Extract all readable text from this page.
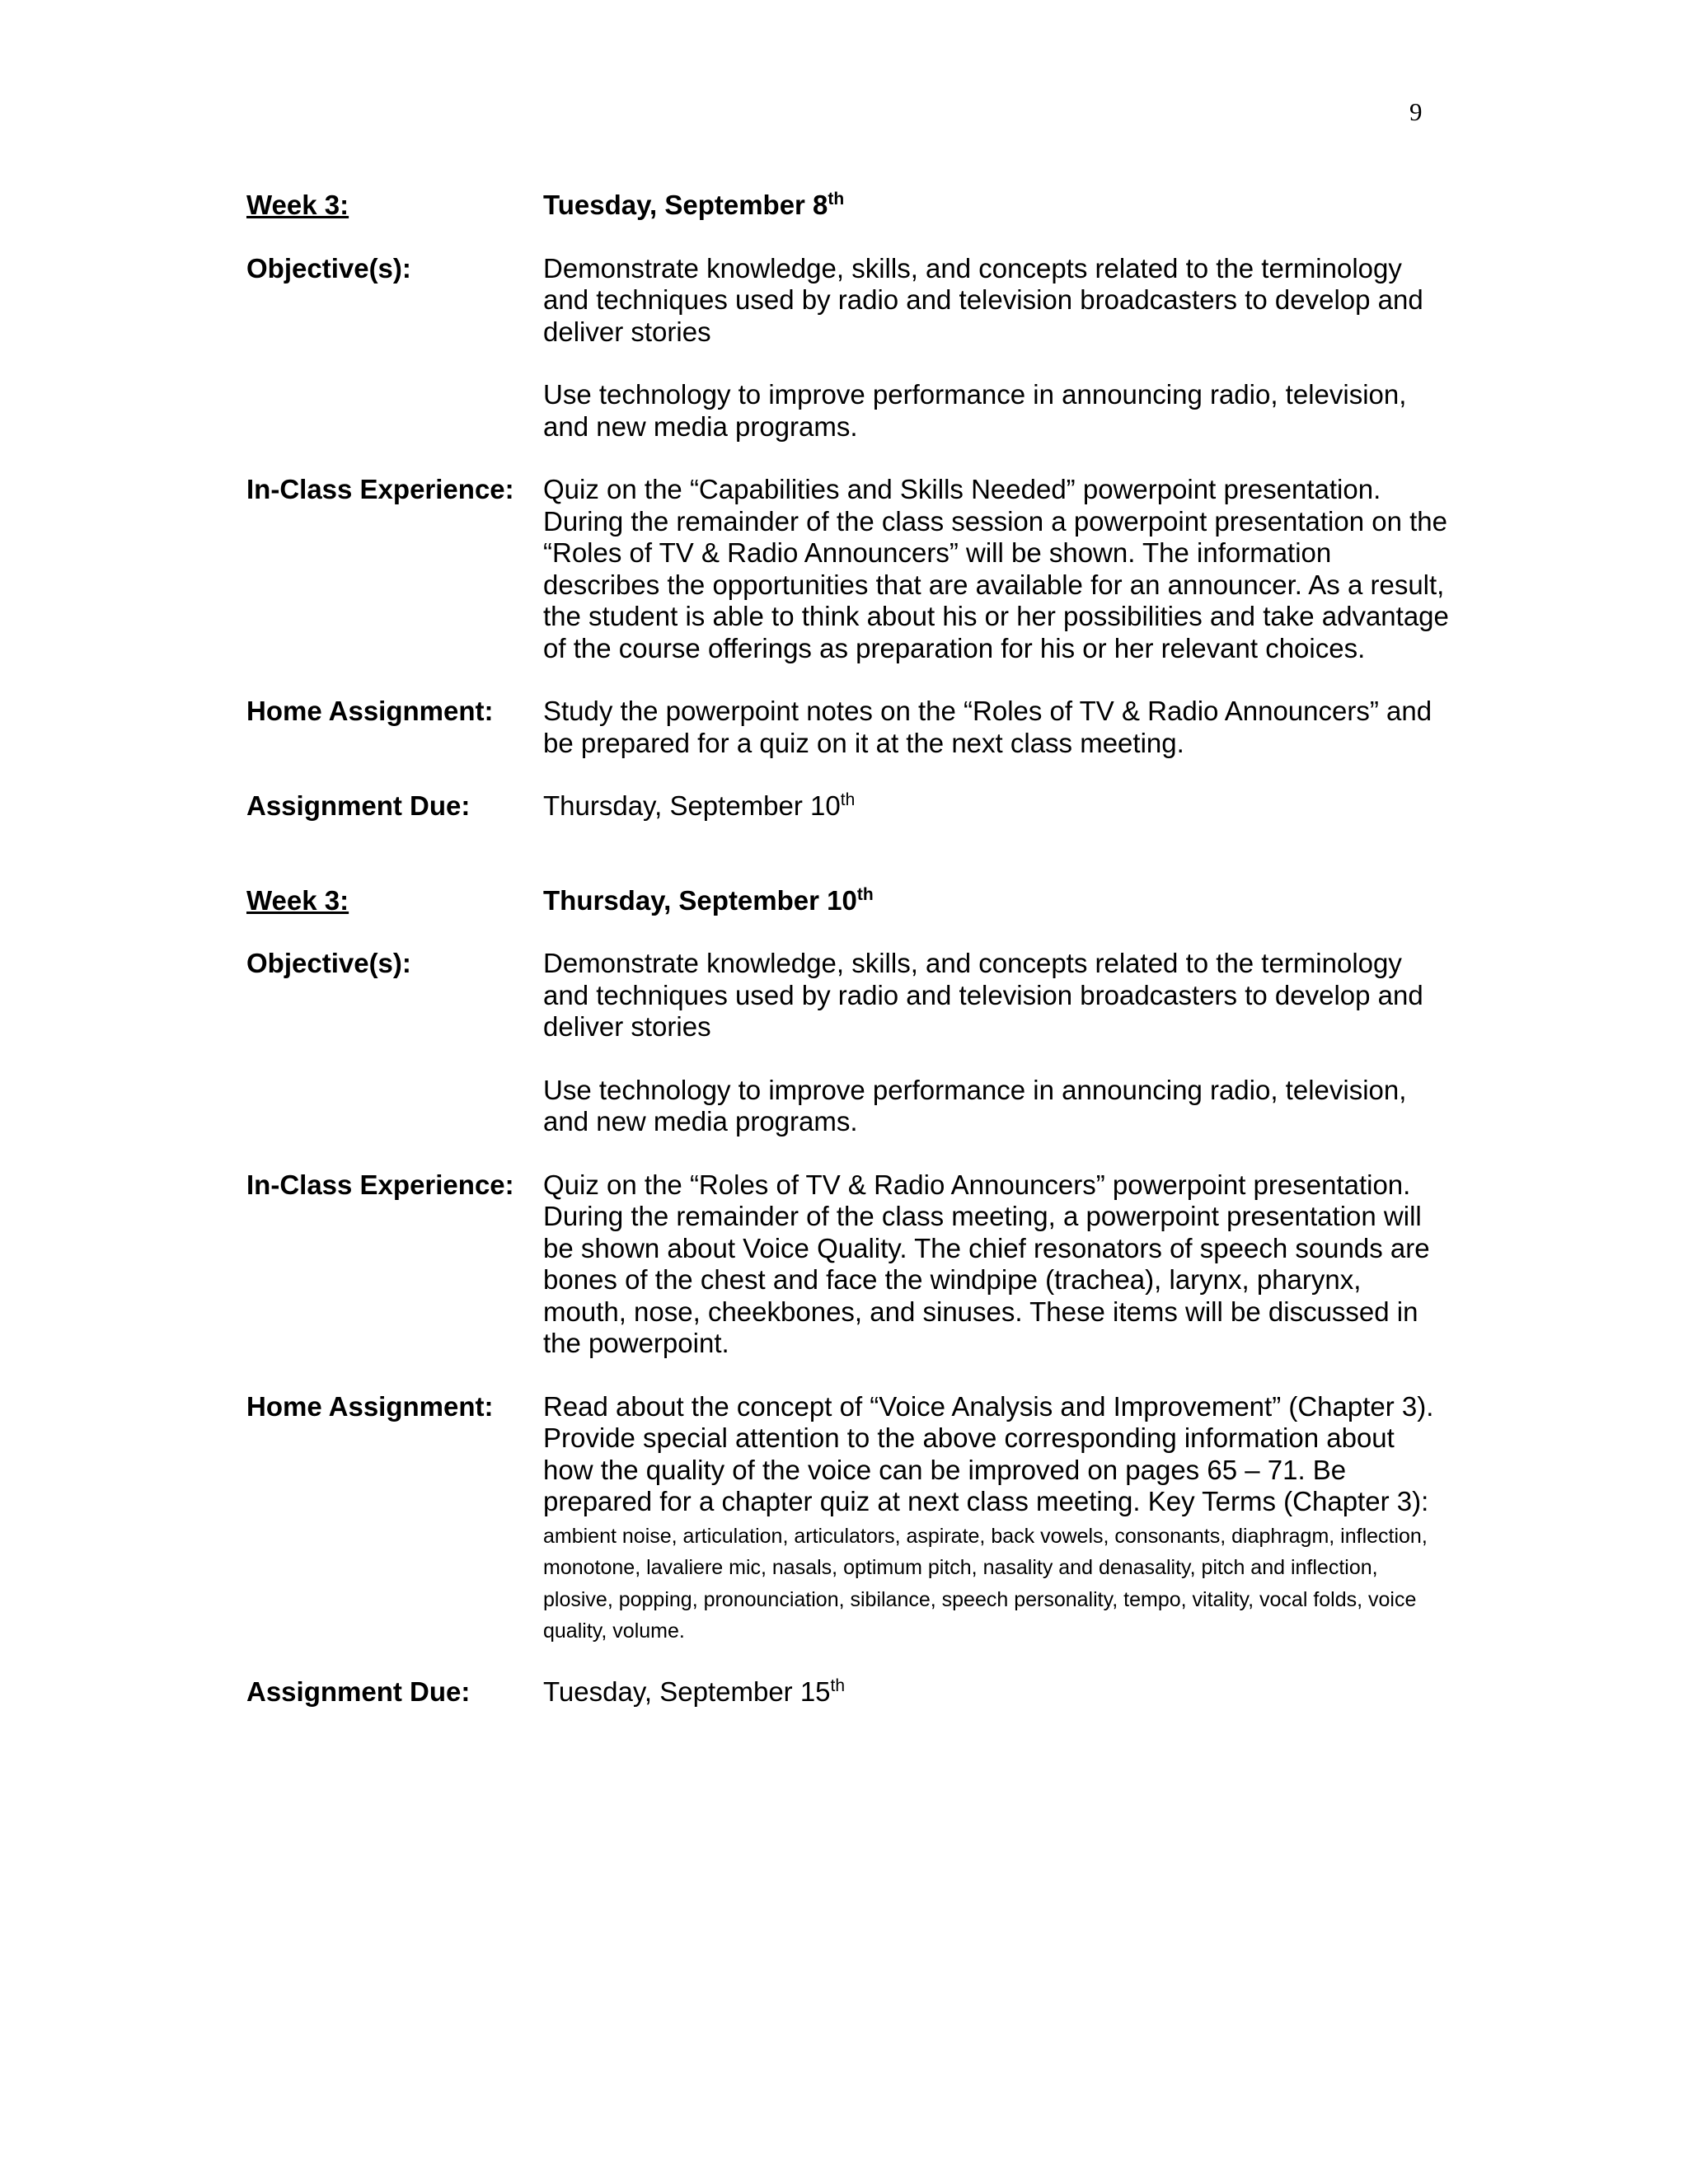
9
Week 3:	Tuesday, September 8th
Objective(s):	Demonstrate knowledge, skills, and concepts related to the terminology and techniques used by radio and television broadcasters to develop and deliver stories

Use technology to improve performance in announcing radio, television, and new media programs.

In-Class Experience:	Quiz on the “Capabilities and Skills Needed” powerpoint presentation. During the remainder of the class session a powerpoint presentation on the “Roles of TV & Radio Announcers” will be shown. The information describes the opportunities that are available for an announcer. As a result, the student is able to think about his or her possibilities and take advantage of the course offerings as preparation for his or her relevant choices.
Home Assignment:	Study the powerpoint notes on the “Roles of TV & Radio Announcers” and be prepared for a quiz on it at the next class meeting.
Assignment Due:	Thursday, September 10th
Week 3:	Thursday, September 10th
Objective(s):	Demonstrate knowledge, skills, and concepts related to the terminology and techniques used by radio and television broadcasters to develop and deliver stories

Use technology to improve performance in announcing radio, television, and new media programs.

In-Class Experience:	Quiz on the “Roles of TV & Radio Announcers” powerpoint presentation. During the remainder of the class meeting, a powerpoint presentation will be shown about Voice Quality. The chief resonators of speech sounds are bones of the chest and face the windpipe (trachea), larynx, pharynx, mouth, nose, cheekbones, and sinuses. These items will be discussed in the powerpoint.
Home Assignment:	Read about the concept of “Voice Analysis and Improvement” (Chapter 3). Provide special attention to the above corresponding information about how the quality of the voice can be improved on pages 65 – 71. Be prepared for a chapter quiz at next class meeting. Key Terms (Chapter 3): ambient noise, articulation, articulators, aspirate, back vowels, consonants, diaphragm, inflection, monotone, lavaliere mic, nasals, optimum pitch, nasality and denasality, pitch and inflection, plosive, popping, pronounciation, sibilance, speech personality, tempo, vitality, vocal folds, voice quality, volume.
Assignment Due:	Tuesday, September 15th
